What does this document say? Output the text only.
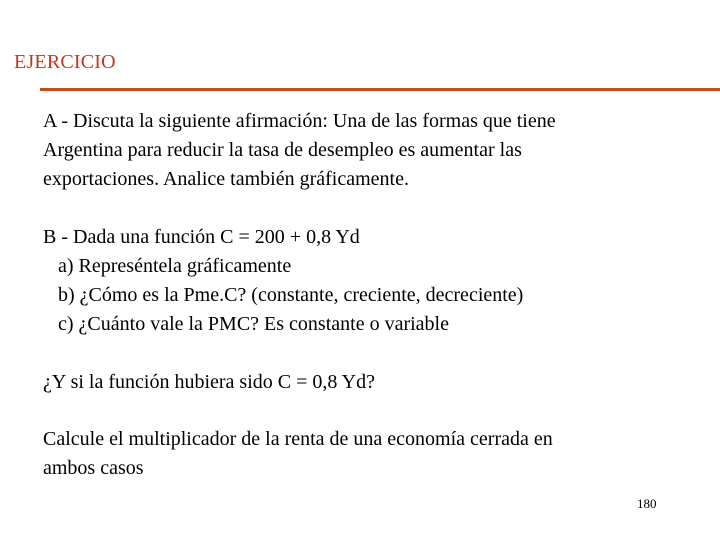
EJERCICIO
A - Discuta la siguiente afirmación: Una de las formas que tiene
Argentina para reducir la tasa de desempleo es aumentar las
exportaciones. Analice también gráficamente.
B - Dada una función C = 200 + 0,8 Yd
a) Represéntela gráficamente
b) ¿Cómo es la Pme.C? (constante, creciente, decreciente)
c) ¿Cuánto vale la PMC? Es constante o variable
¿Y si la función hubiera sido C = 0,8 Yd?
Calcule el multiplicador de la renta de una economía cerrada en
ambos casos
180
